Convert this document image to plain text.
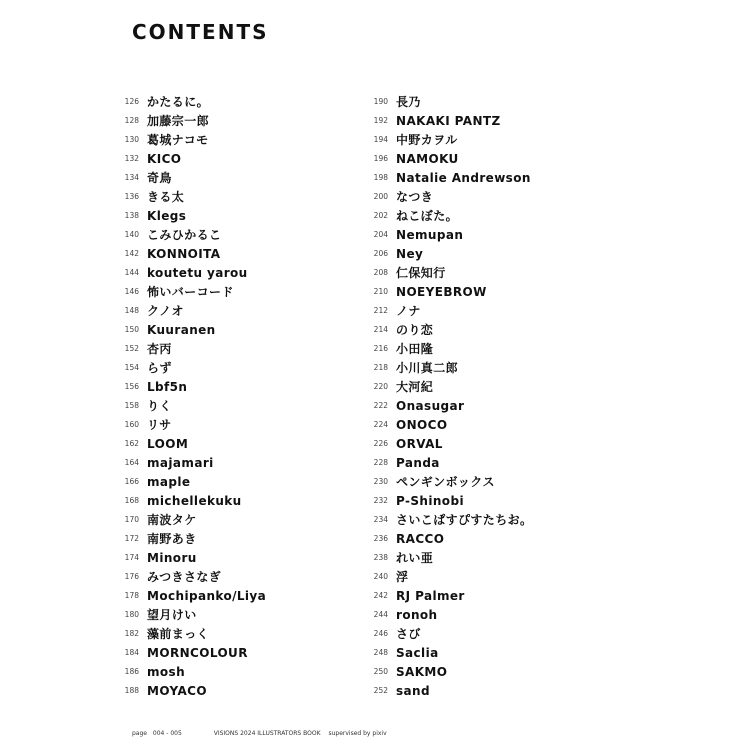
CONTENTS
126 かたるに。
128 加藤宗一郎
130 葛城ナコモ
132 KICO
134 奇鳥
136 きる太
138 Klegs
140 こみひかるこ
142 KONNOITA
144 koutetu yarou
146 怖いバーコード
148 クノオ
150 Kuuranen
152 杏丙
154 らず
156 Lbf5n
158 りく
160 リサ
162 LOOM
164 majamari
166 maple
168 michellekuku
170 南波タケ
172 南野あき
174 Minoru
176 みつきさなぎ
178 Mochipanko/Liya
180 望月けい
182 藻前まっく
184 MORNCOLOUR
186 mosh
188 MOYACO
190 長乃
192 NAKAKI PANTZ
194 中野カヲル
196 NAMOKU
198 Natalie Andrewson
200 なつき
202 ねこぼた。
204 Nemupan
206 Ney
208 仁保知行
210 NOEYEBROW
212 ノナ
214 のり恋
216 小田隆
218 小川真二郎
220 大河紀
222 Onasugar
224 ONOCO
226 ORVAL
228 Panda
230 ペンギンボックス
232 P-Shinobi
234 さいこぱすぴすたちお。
236 RACCO
238 れい亜
240 浮
242 RJ Palmer
244 ronoh
246 さび
248 Saclia
250 SAKMO
252 sand
page 004 - 005	VISIONS 2024 ILLUSTRATORS BOOK supervised by pixiv
